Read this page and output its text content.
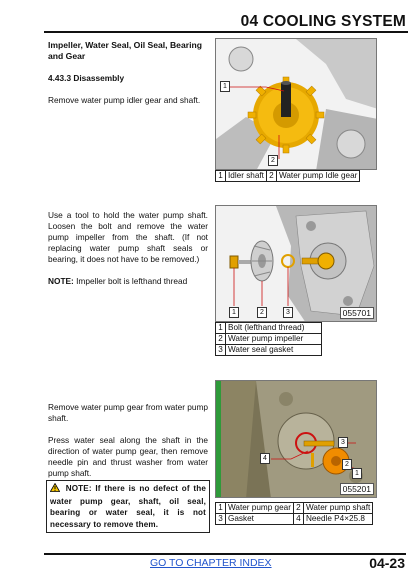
04 COOLING SYSTEM

Impeller, Water Seal, Oil Seal, Bearing and Gear

4.43.3 Disassembly

Remove water pump idler gear and shaft.

1
2
1	Idler shaft	2	Water pump Idle gear

Use a tool to hold the water pump shaft. Loosen the bolt and remove the water pump impeller from the shaft. (If not replacing water pump shaft seals or bearing, it does not have to be removed.)

NOTE: Impeller bolt is lefthand thread

1	2	3	055701
1	Bolt (lefthand thread)
2	Water pump impeller
3	Water seal gasket

Remove water pump gear from water pump shaft.

Press water seal along the shaft in the direction of water pump gear, then remove needle pin and thrust washer from water pump shaft.

NOTE: If there is no defect of the water pump gear, shaft, oil seal, bearing or water seal, it is not necessary to remove them.
3
2
1
4
055201
1	Water pump gear	2	Water pump shaft
3	Gasket	4	Needle P4×25.8
GO TO CHAPTER INDEX	04-23
